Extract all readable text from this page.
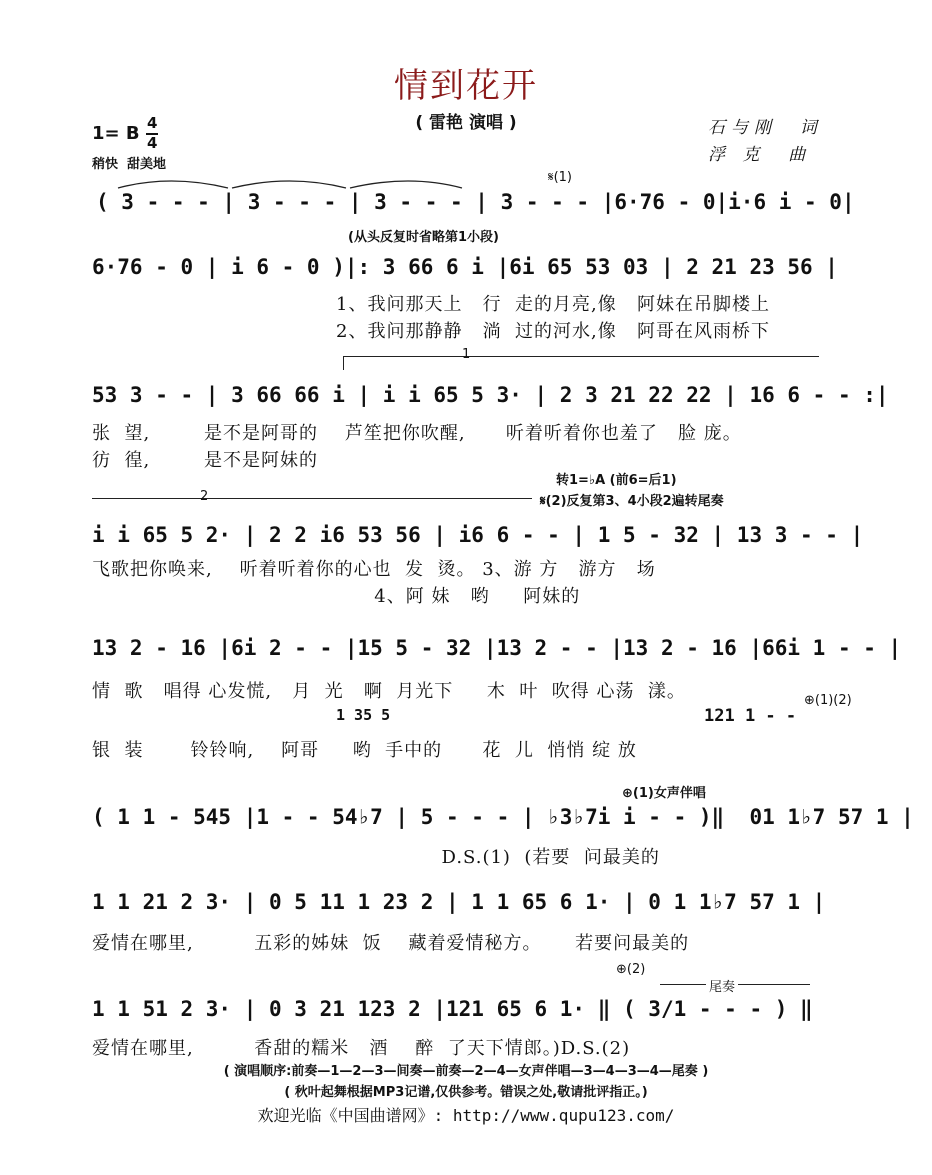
情到花开
( 雷艳 演唱 )
1= B 4
4
稍快  甜美地
石与刚  词
浮 克  曲
𝄋(1)
( 3 - - - | 3 - - - | 3 - - - | 3 - - - |6·76 - 0|i·6 i - 0|
(从头反复时省略第1小段)
6·76 - 0 | i 6 - 0 )|: 3 66 6 i |6i 65 53 03 | 2 21 23 56 |
1、我问那天上   行  走的月亮,像   阿妹在吊脚楼上
2、我问那静静   淌  过的河水,像   阿哥在风雨桥下
1
53 3 - - | 3 66 66 i | i i 65 5 3· | 2 3 21 22 22 | 16 6 - - :|
张  望,        是不是阿哥的    芦笙把你吹醒,      听着听着你也羞了   脸 庞。
彷  徨,        是不是阿妹的
转1=♭A (前6=后1)
2	𝄋(2)反复第3、4小段2遍转尾奏
i i 65 5 2· | 2 2 i6 53 56 | i6 6 - - | 1 5 - 32 | 13 3 - - |
飞歌把你唤来,    听着听着你的心也  发  烫。 3、游 方   游方   场
4、阿 妹   哟     阿妹的
13 2 - 16 |6i 2 - - |15 5 - 32 |13 2 - - |13 2 - 16 |66i 1 - - |
情  歌   唱得 心发慌,   月  光   啊  月光下     木  叶  吹得 心荡  漾。
1 35 5	121 1 - -
⊕(1)(2)
银  装       铃铃响,    阿哥     哟  手中的      花  儿  悄悄 绽 放
⊕(1)女声伴唱
( 1 1 - 545 |1 - - 54♭7 | 5 - - - | ♭3♭7i i - - )‖  01 1♭7 57 1 |
D.S.(1)  (若要  问最美的
1 1 21 2 3· | 0 5 11 1 23 2 | 1 1 65 6 1· | 0 1 1♭7 57 1 |
爱情在哪里,         五彩的姊妹  饭    藏着爱情秘方。     若要问最美的
⊕(2)
尾奏
1 1 51 2 3· | 0 3 21 123 2 |121 65 6 1· ‖ ( 3/1 - - - ) ‖
爱情在哪里,         香甜的糯米   酒    醉  了天下情郎。)D.S.(2)
( 演唱顺序:前奏—1—2—3—间奏—前奏—2—4—女声伴唱—3—4—3—4—尾奏 )
( 秋叶起舞根据MP3记谱,仅供参考。错误之处,敬请批评指正。)
欢迎光临《中国曲谱网》: http://www.qupu123.com/
